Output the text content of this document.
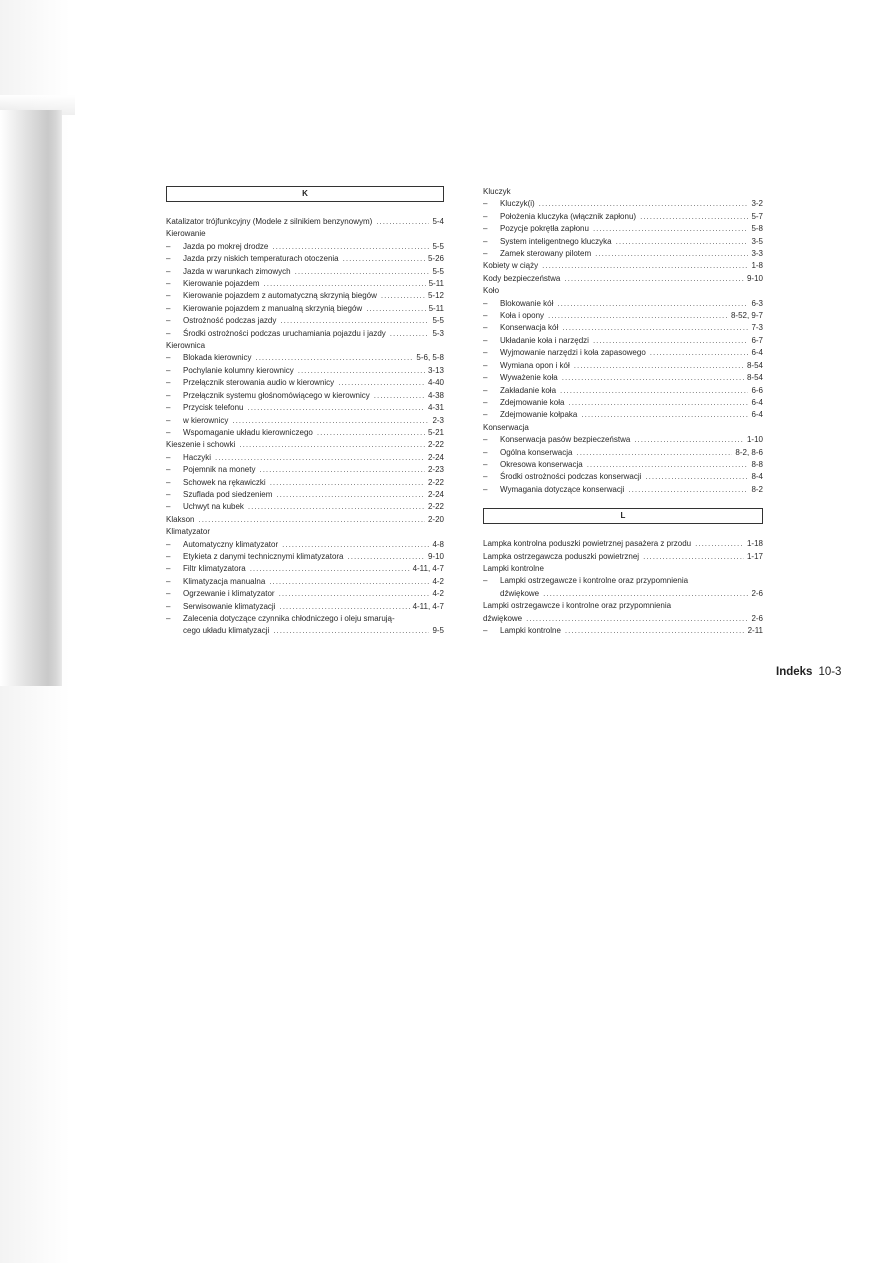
K
Katalizator trójfunkcyjny (Modele z silnikiem benzynowym) .....	5-4
Kierowanie
–	Jazda po mokrej drodze .....	5-5
–	Jazda przy niskich temperaturach otoczenia .....	5-26
–	Jazda w warunkach zimowych .....	5-5
–	Kierowanie pojazdem .....	5-11
–	Kierowanie pojazdem z automatyczną skrzynią biegów .....	5-12
–	Kierowanie pojazdem z manualną skrzynią biegów .....	5-11
–	Ostrożność podczas jazdy .....	5-5
–	Środki ostrożności podczas uruchamiania pojazdu i jazdy .....	5-3
Kierownica
–	Blokada kierownicy .....	5-6, 5-8
–	Pochylanie kolumny kierownicy .....	3-13
–	Przełącznik sterowania audio w kierownicy .....	4-40
–	Przełącznik systemu głośnomówiącego w kierownicy .....	4-38
–	Przycisk telefonu .....	4-31
–	w kierownicy .....	2-3
–	Wspomaganie układu kierowniczego .....	5-21
Kieszenie i schowki .....	2-22
–	Haczyki .....	2-24
–	Pojemnik na monety .....	2-23
–	Schowek na rękawiczki .....	2-22
–	Szuflada pod siedzeniem .....	2-24
–	Uchwyt na kubek .....	2-22
Klakson .....	2-20
Klimatyzator
–	Automatyczny klimatyzator .....	4-8
–	Etykieta z danymi technicznymi klimatyzatora .....	9-10
–	Filtr klimatyzatora .....	4-11, 4-7
–	Klimatyzacja manualna .....	4-2
–	Ogrzewanie i klimatyzator .....	4-2
–	Serwisowanie klimatyzacji .....	4-11, 4-7
–	Zalecenia dotyczące czynnika chłodniczego i oleju smarują-
cego układu klimatyzacji .....	9-5
Kluczyk
–	Kluczyk(i) .....	3-2
–	Położenia kluczyka (włącznik zapłonu) .....	5-7
–	Pozycje pokrętła zapłonu .....	5-8
–	System inteligentnego kluczyka .....	3-5
–	Zamek sterowany pilotem .....	3-3
Kobiety w ciąży .....	1-8
Kody bezpieczeństwa .....	9-10
Koło
–	Blokowanie kół .....	6-3
–	Koła i opony .....	8-52, 9-7
–	Konserwacja kół .....	7-3
–	Układanie koła i narzędzi .....	6-7
–	Wyjmowanie narzędzi i koła zapasowego .....	6-4
–	Wymiana opon i kół .....	8-54
–	Wyważenie koła .....	8-54
–	Zakładanie koła .....	6-6
–	Zdejmowanie koła .....	6-4
–	Zdejmowanie kołpaka .....	6-4
Konserwacja
–	Konserwacja pasów bezpieczeństwa .....	1-10
–	Ogólna konserwacja .....	8-2, 8-6
–	Okresowa konserwacja .....	8-8
–	Środki ostrożności podczas konserwacji .....	8-4
–	Wymagania dotyczące konserwacji .....	8-2
L
Lampka kontrolna poduszki powietrznej pasażera z przodu .....	1-18
Lampka ostrzegawcza poduszki powietrznej .....	1-17
Lampki kontrolne
–	Lampki ostrzegawcze i kontrolne oraz przypomnienia
dźwiękowe .....	2-6
Lampki ostrzegawcze i kontrolne oraz przypomnienia
dźwiękowe .....	2-6
–	Lampki kontrolne .....	2-11
Indeks 10-3
